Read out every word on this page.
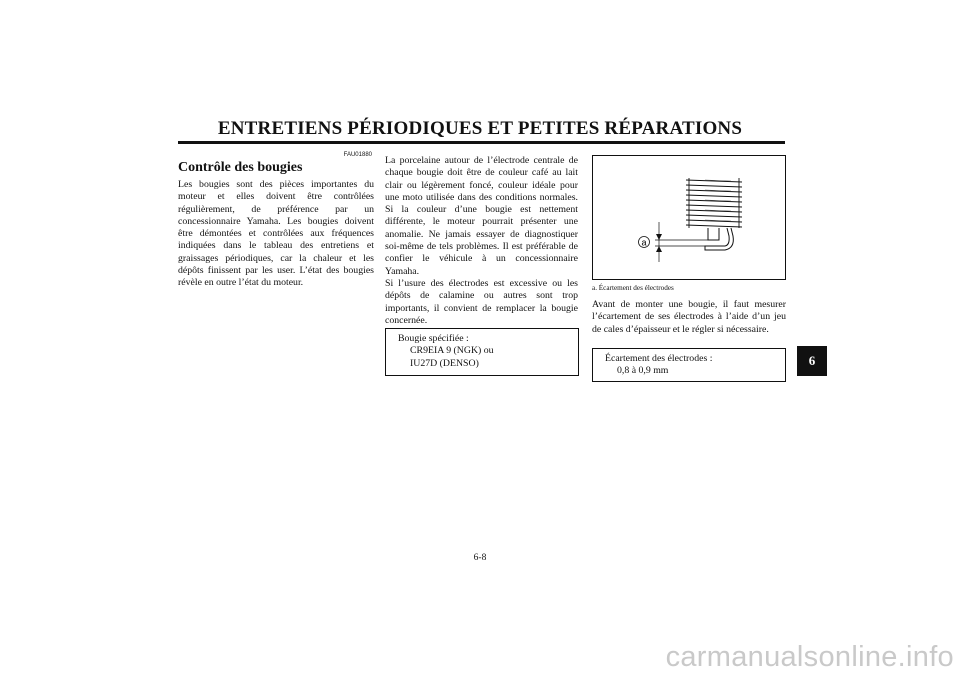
ENTRETIENS PÉRIODIQUES ET PETITES RÉPARATIONS
6
FAU01880
Contrôle des bougies

Les bougies sont des pièces importantes du moteur et elles doivent être contrôlées régulièrement, de préférence par un concessionnaire Yamaha. Les bougies doivent être démontées et contrôlées aux fréquences indiquées dans le tableau des entretiens et graissages périodiques, car la chaleur et les dépôts finissent par les user. L’état des bougies révèle en outre l’état du moteur.

La porcelaine autour de l’électrode centrale de chaque bougie doit être de couleur café au lait clair ou légèrement foncé, couleur idéale pour une moto utilisée dans des conditions normales. Si la couleur d’une bougie est nettement différente, le moteur pourrait présenter une anomalie. Ne jamais essayer de diagnostiquer soi-même de tels problèmes. Il est préférable de confier le véhicule à un concessionnaire Yamaha.

Si l’usure des électrodes est excessive ou les dépôts de calamine ou autres sont trop importants, il convient de remplacer la bougie concernée.

Bougie spécifiée :
CR9EIA 9 (NGK) ou
IU27D (DENSO)
a
a. Écartement des électrodes

Avant de monter une bougie, il faut mesurer l’écartement de ses électrodes à l’aide d’un jeu de cales d’épaisseur et le régler si nécessaire.

Écartement des électrodes :
0,8 à 0,9 mm
6-8
carmanualsonline.info
